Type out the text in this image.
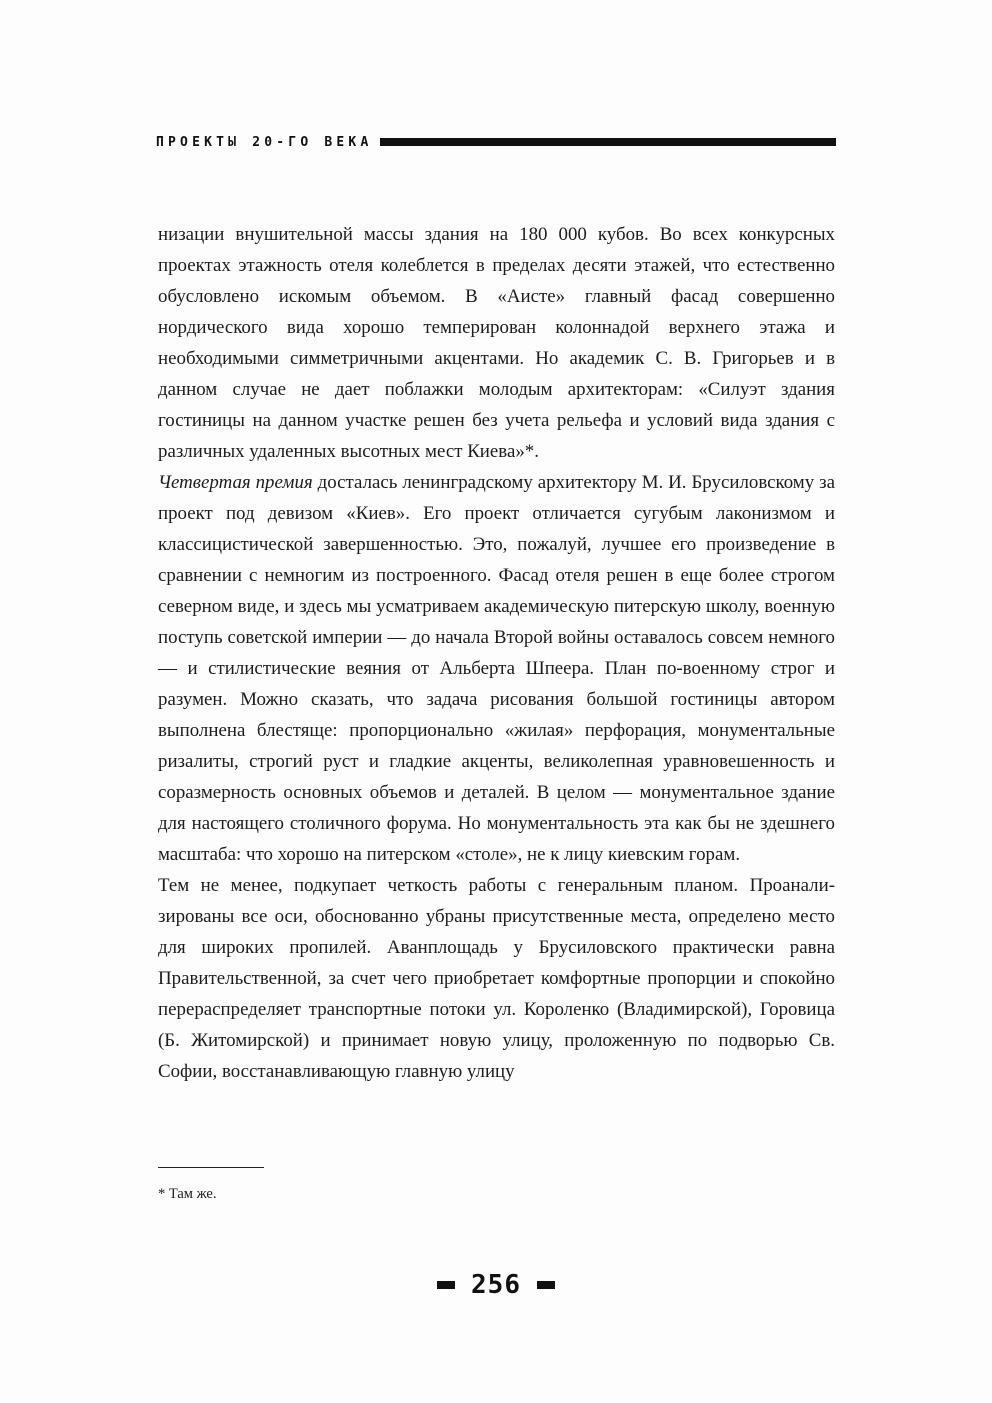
ПРОЕКТЫ 20-ГО ВЕКА

низации внушительной массы здания на 180 000 кубов. Во всех конкурсных проектах этажность отеля колеблется в пределах десяти этажей, что естественно обусловлено искомым объемом. В «Аисте» главный фасад совершенно нордического вида хорошо темперирован колоннадой верхнего этажа и необходимыми симметричными акцентами. Но академик С. В. Григорьев и в данном случае не дает поблажки молодым архитекторам: «Силуэт здания гостиницы на данном участке решен без учета рельефа и условий вида здания с различных удаленных высотных мест Киева»*.

Четвертая премия досталась ленинградскому архитектору М. И. Брусиловскому за проект под девизом «Киев». Его проект отличается сугубым лаконизмом и классицистической завершенностью. Это, пожалуй, лучшее его произведение в сравнении с немногим из построенного. Фасад отеля решен в еще более строгом северном виде, и здесь мы усматриваем академическую питерскую школу, военную поступь советской империи — до начала Второй войны оставалось совсем немного — и стилистические веяния от Альберта Шпеера. План по-военному строг и разумен. Можно сказать, что задача рисования большой гостиницы автором выполнена блестяще: пропорционально «жилая» перфорация, монументальные ризалиты, строгий руст и гладкие акценты, великолепная уравновешенность и соразмерность основных объемов и деталей. В целом — монументальное здание для настоящего столичного форума. Но монументальность эта как бы не здешнего масштаба: что хорошо на питерском «столе», не к лицу киевским горам.

Тем не менее, подкупает четкость работы с генеральным планом. Проанализированы все оси, обоснованно убраны присутственные места, определено место для широких пропилей. Аванплощадь у Брусиловского практически равна Правительственной, за счет чего приобретает комфортные пропорции и спокойно перераспределяет транспортные потоки ул. Короленко (Владимирской), Горовица (Б. Житомирской) и принимает новую улицу, проложенную по подворью Св. Софии, восстанавливающую главную улицу

* Там же.
256
